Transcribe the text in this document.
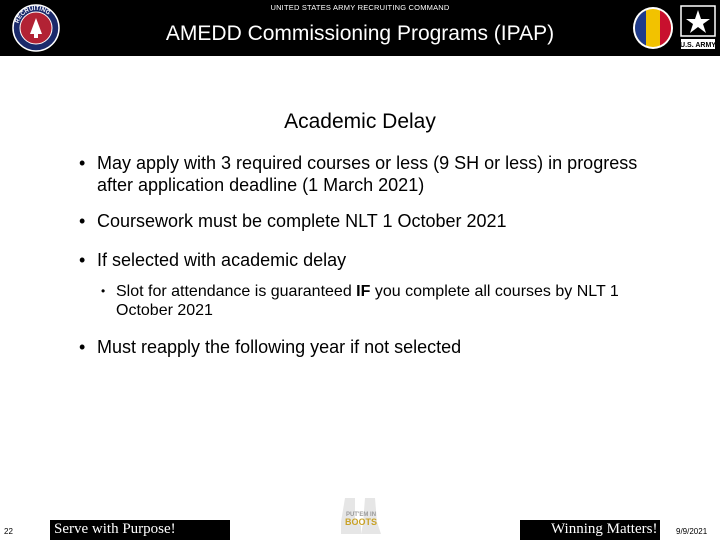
RECRUITING
UNITED STATES ARMY RECRUITING COMMAND
AMEDD Commissioning Programs (IPAP)
U.S. ARMY
Academic Delay
• May apply with 3 required courses or less (9 SH or less) in progress after application deadline (1 March 2021)
• Coursework must be complete NLT 1 October 2021
• If selected with academic delay
• Slot for attendance is guaranteed IF you complete all courses by NLT 1 October 2021
• Must reapply the following year if not selected
22	Serve with Purpose!
PUT'EM IN
BOOTS	Winning Matters! 9/9/2021
